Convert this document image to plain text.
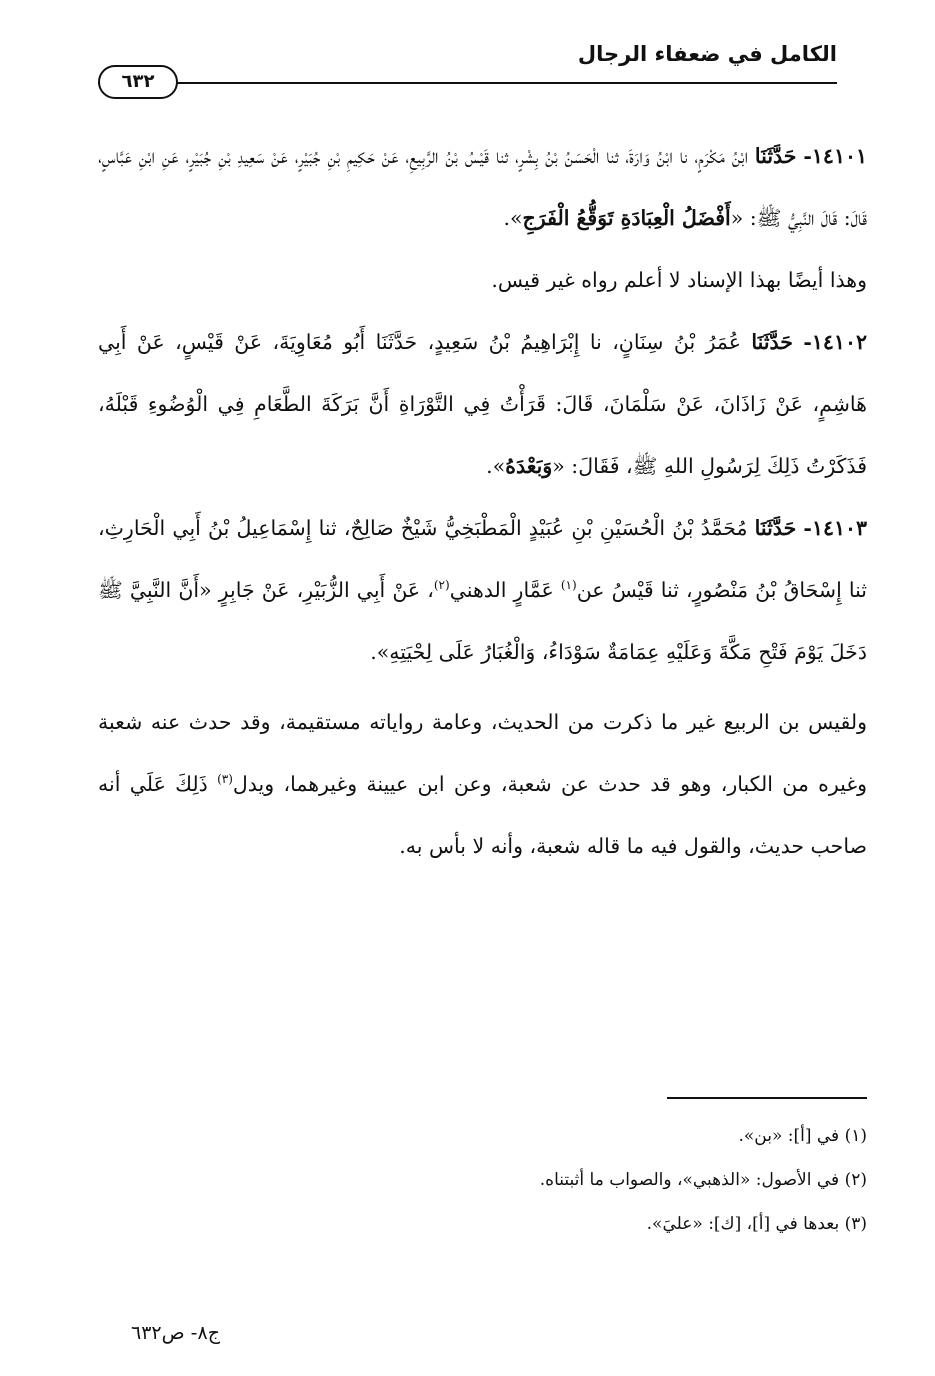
الكامل في ضعفاء الرجال
٦٣٢

١٤١٠١- حَدَّثَنَا ابْنُ مَكْرَمٍ، نا ابْنُ وَارَةَ، ثنا الْحَسَنُ بْنُ بِشْرٍ، ثنا قَيْسُ بْنُ الرَّبِيعِ، عَنْ حَكِيمِ بْنِ جُبَيْرٍ، عَنْ سَعِيدِ بْنِ جُبَيْرٍ، عَنِ ابْنِ عَبَّاسٍ، قَالَ: قَالَ النَّبِيُّ ﷺ: «أَفْضَلُ الْعِبَادَةِ تَوَقُّعُ الْفَرَجِ».

وهذا أيضًا بهذا الإسناد لا أعلم رواه غير قيس.

١٤١٠٢- حَدَّثَنَا عُمَرُ بْنُ سِنَانٍ، نا إِبْرَاهِيمُ بْنُ سَعِيدٍ، حَدَّثَنَا أَبُو مُعَاوِيَةَ، عَنْ قَيْسٍ، عَنْ أَبِي هَاشِمٍ، عَنْ زَاذَانَ، عَنْ سَلْمَانَ، قَالَ: قَرَأْتُ فِي التَّوْرَاةِ أَنَّ بَرَكَةَ الطَّعَامِ فِي الْوُضُوءِ قَبْلَهُ، فَذَكَرْتُ ذَلِكَ لِرَسُولِ اللهِ ﷺ، فَقَالَ: «وَبَعْدَهُ».

١٤١٠٣- حَدَّثَنَا مُحَمَّدُ بْنُ الْحُسَيْنِ بْنِ عُبَيْدٍ الْمَطْبَخِيُّ شَيْخٌ صَالِحٌ، ثنا إِسْمَاعِيلُ بْنُ أَبِي الْحَارِثِ، ثنا إِسْحَاقُ بْنُ مَنْصُورٍ، ثنا قَيْسُ عن$^{(١)}$ عَمَّارٍ الدهني$^{(٢)}$، عَنْ أَبِي الزُّبَيْرِ، عَنْ جَابِرٍ «أَنَّ النَّبِيَّ ﷺ دَخَلَ يَوْمَ فَتْحِ مَكَّةَ وَعَلَيْهِ عِمَامَةٌ سَوْدَاءُ، وَالْغُبَارُ عَلَى لِحْيَتِهِ».

ولقيس بن الربيع غير ما ذكرت من الحديث، وعامة رواياته مستقيمة، وقد حدث عنه شعبة وغيره من الكبار، وهو قد حدث عن شعبة، وعن ابن عيينة وغيرهما، ويدل$^{(٣)}$ ذَلِكَ عَلَي أنه صاحب حديث، والقول فيه ما قاله شعبة، وأنه لا بأس به.

(١) في [أ]: «بن».

(٢) في الأصول: «الذهبي»، والصواب ما أثبتناه.

(٣) بعدها في [أ]، [ك]: «عليَ».

ج٨- ص٦٣٢
